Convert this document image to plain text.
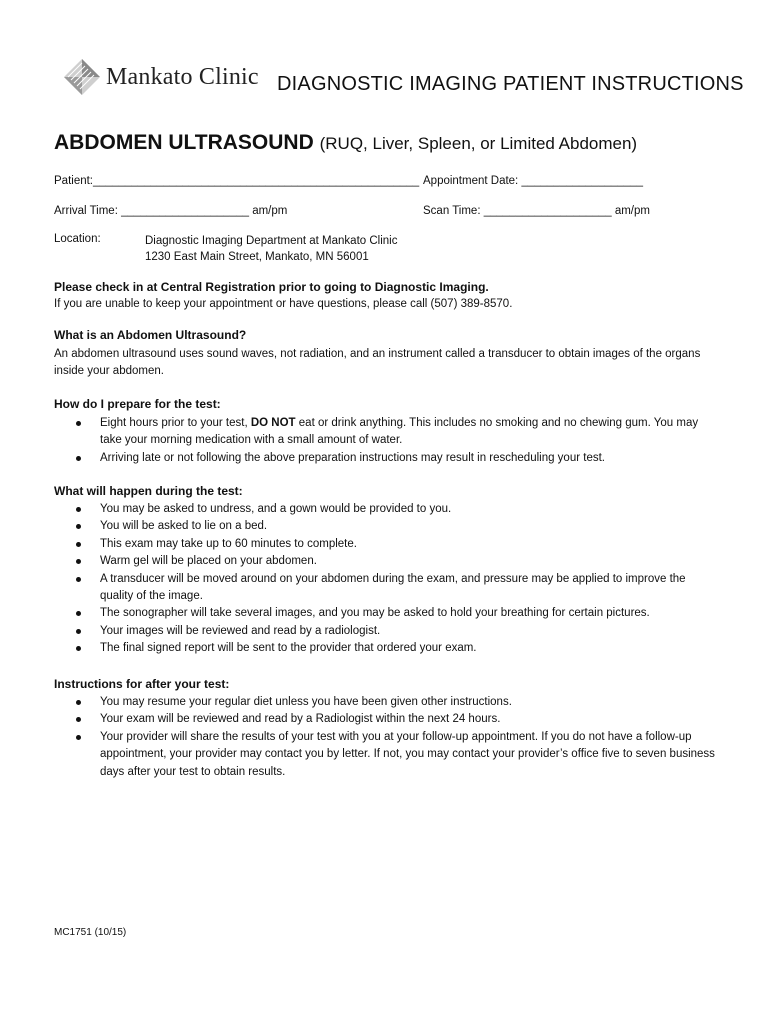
Mankato Clinic DIAGNOSTIC IMAGING PATIENT INSTRUCTIONS
ABDOMEN ULTRASOUND (RUQ, Liver, Spleen, or Limited Abdomen)
Patient:___________________________________________________ Appointment Date: ___________________
Arrival Time: ____________________ am/pm	Scan Time: ____________________ am/pm
Location:	Diagnostic Imaging Department at Mankato Clinic
1230 East Main Street, Mankato, MN 56001
Please check in at Central Registration prior to going to Diagnostic Imaging.
If you are unable to keep your appointment or have questions, please call (507) 389-8570.
What is an Abdomen Ultrasound?
An abdomen ultrasound uses sound waves, not radiation, and an instrument called a transducer to obtain images of the organs inside your abdomen.
How do I prepare for the test:
Eight hours prior to your test, DO NOT eat or drink anything. This includes no smoking and no chewing gum. You may take your morning medication with a small amount of water.
Arriving late or not following the above preparation instructions may result in rescheduling your test.
What will happen during the test:
You may be asked to undress, and a gown would be provided to you.
You will be asked to lie on a bed.
This exam may take up to 60 minutes to complete.
Warm gel will be placed on your abdomen.
A transducer will be moved around on your abdomen during the exam, and pressure may be applied to improve the quality of the image.
The sonographer will take several images, and you may be asked to hold your breathing for certain pictures.
Your images will be reviewed and read by a radiologist.
The final signed report will be sent to the provider that ordered your exam.
Instructions for after your test:
You may resume your regular diet unless you have been given other instructions.
Your exam will be reviewed and read by a Radiologist within the next 24 hours.
Your provider will share the results of your test with you at your follow-up appointment. If you do not have a follow-up appointment, your provider may contact you by letter. If not, you may contact your provider’s office five to seven business days after your test to obtain results.
MC1751 (10/15)
